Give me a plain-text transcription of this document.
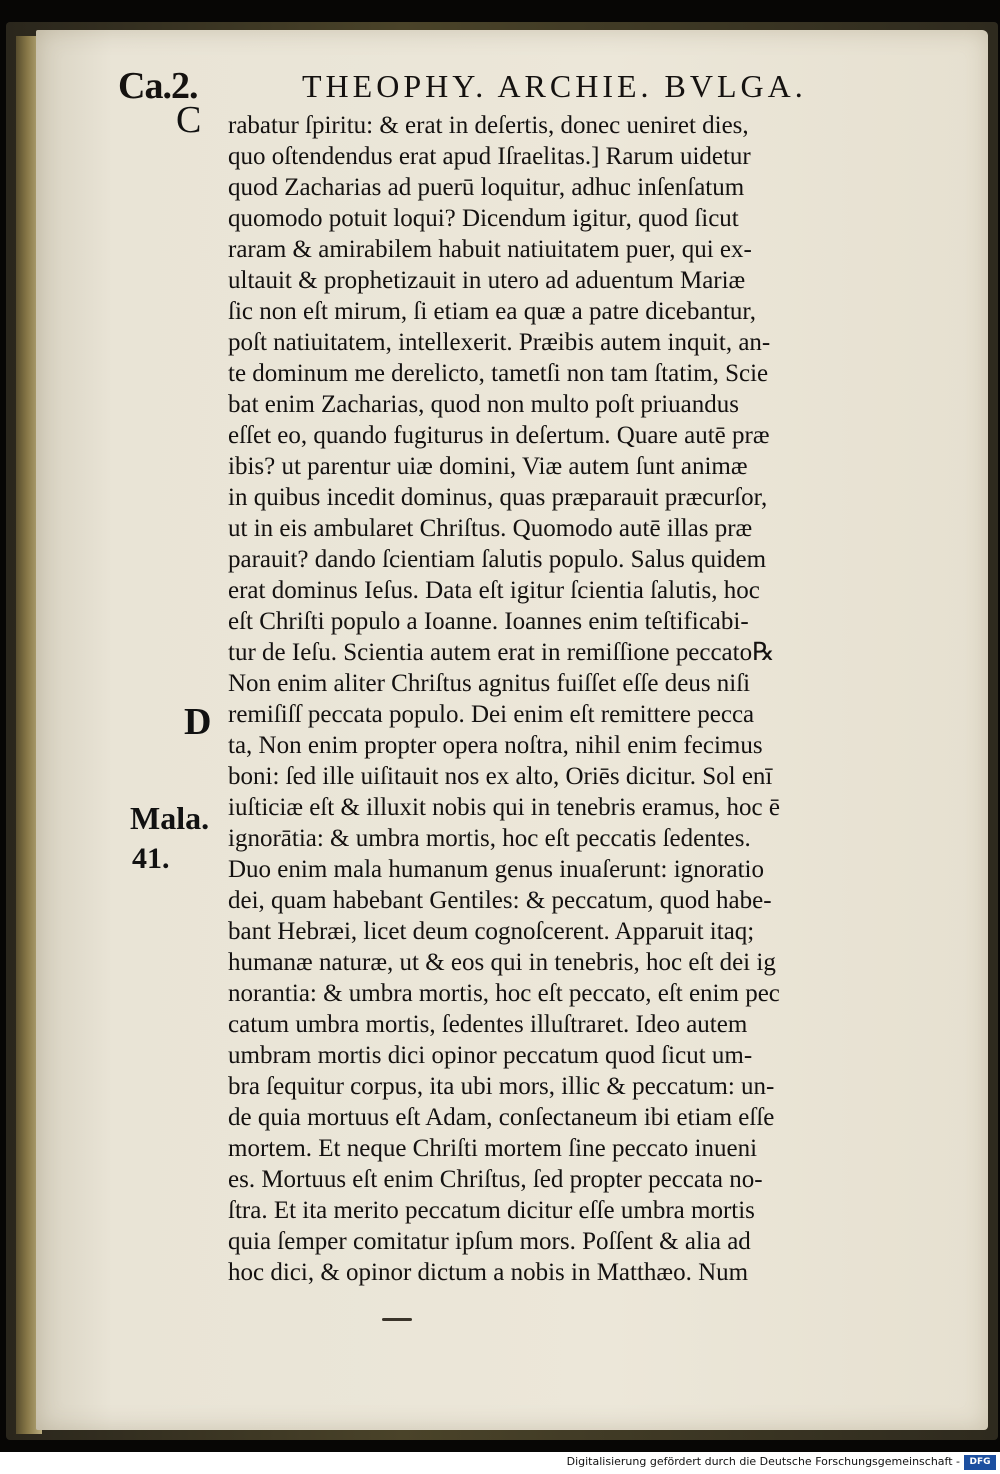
Ca.2.	THEOPHY. ARCHIE. BVLGA.
C
D
Mala.
41.
rabatur ſpiritu: & erat in deſertis, donec ueniret dies,
quo oſtendendus erat apud Iſraelitas.] Rarum uidetur
quod Zacharias ad puerū loquitur, adhuc inſenſatum
quomodo potuit loqui? Dicendum igitur, quod ſicut
raram & amirabilem habuit natiuitatem puer, qui ex-
ultauit & prophetizauit in utero ad aduentum Mariæ
ſic non eſt mirum, ſi etiam ea quæ a patre dicebantur,
poſt natiuitatem, intellexerit. Præibis autem inquit, an-
te dominum me derelicto, tametſi non tam ſtatim, Scie
bat enim Zacharias, quod non multo poſt priuandus
eſſet eo, quando fugiturus in deſertum. Quare autē præ
ibis? ut parentur uiæ domini, Viæ autem ſunt animæ
in quibus incedit dominus, quas præparauit præcurſor,
ut in eis ambularet Chriſtus. Quomodo autē illas præ
parauit? dando ſcientiam ſalutis populo. Salus quidem
erat dominus Ieſus. Data eſt igitur ſcientia ſalutis, hoc
eſt Chriſti populo a Ioanne. Ioannes enim teſtificabi-
tur de Ieſu. Scientia autem erat in remiſſione peccato℞
Non enim aliter Chriſtus agnitus fuiſſet eſſe deus niſi
remiſiſſ peccata populo. Dei enim eſt remittere pecca
ta, Non enim propter opera noſtra, nihil enim fecimus
boni: ſed ille uiſitauit nos ex alto, Oriēs dicitur. Sol enī
iuſticiæ eſt & illuxit nobis qui in tenebris eramus, hoc ē
ignorātia: & umbra mortis, hoc eſt peccatis ſedentes.
Duo enim mala humanum genus inuaſerunt: ignoratio
dei, quam habebant Gentiles: & peccatum, quod habe-
bant Hebræi, licet deum cognoſcerent. Apparuit itaq;
humanæ naturæ, ut & eos qui in tenebris, hoc eſt dei ig
norantia: & umbra mortis, hoc eſt peccato, eſt enim pec
catum umbra mortis, ſedentes illuſtraret. Ideo autem
umbram mortis dici opinor peccatum quod ſicut um-
bra ſequitur corpus, ita ubi mors, illic & peccatum: un-
de quia mortuus eſt Adam, conſectaneum ibi etiam eſſe
mortem. Et neque Chriſti mortem ſine peccato inueni
es. Mortuus eſt enim Chriſtus, ſed propter peccata no-
ſtra. Et ita merito peccatum dicitur eſſe umbra mortis
quia ſemper comitatur ipſum mors. Poſſent & alia ad
hoc dici, & opinor dictum a nobis in Matthæo. Num
Digitalisierung gefördert durch die Deutsche Forschungsgemeinschaft -	DFG
